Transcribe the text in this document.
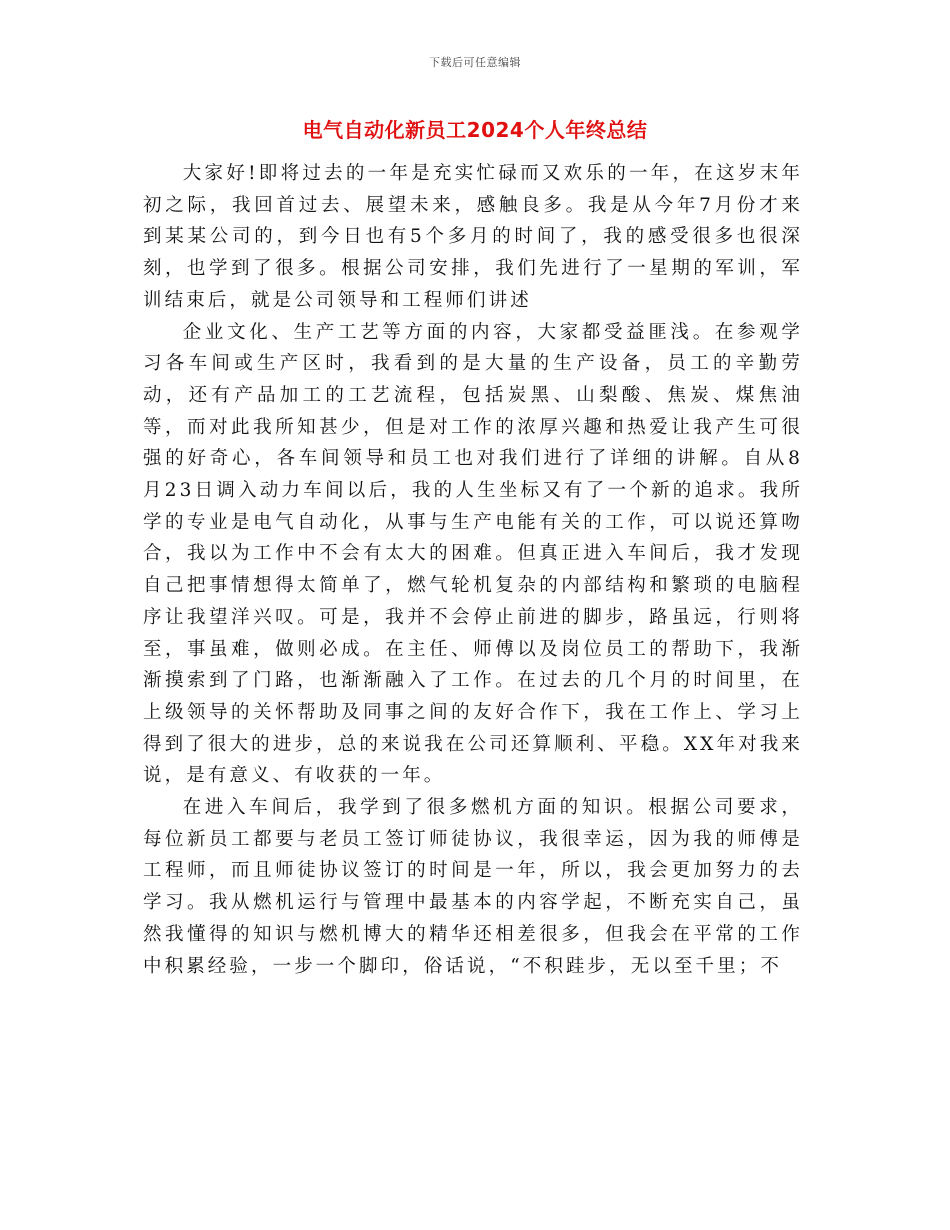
下载后可任意编辑
电气自动化新员工2024个人年终总结

大家好!即将过去的一年是充实忙碌而又欢乐的一年，在这岁末年初之际，我回首过去、展望未来，感触良多。我是从今年7月份才来到某某公司的，到今日也有5个多月的时间了，我的感受很多也很深刻，也学到了很多。根据公司安排，我们先进行了一星期的军训，军训结束后，就是公司领导和工程师们讲述

企业文化、生产工艺等方面的内容，大家都受益匪浅。在参观学习各车间或生产区时，我看到的是大量的生产设备，员工的辛勤劳动，还有产品加工的工艺流程，包括炭黑、山梨酸、焦炭、煤焦油等，而对此我所知甚少，但是对工作的浓厚兴趣和热爱让我产生可很强的好奇心，各车间领导和员工也对我们进行了详细的讲解。自从8月23日调入动力车间以后，我的人生坐标又有了一个新的追求。我所学的专业是电气自动化，从事与生产电能有关的工作，可以说还算吻合，我以为工作中不会有太大的困难。但真正进入车间后，我才发现自己把事情想得太简单了，燃气轮机复杂的内部结构和繁琐的电脑程序让我望洋兴叹。可是，我并不会停止前进的脚步，路虽远，行则将至，事虽难，做则必成。在主任、师傅以及岗位员工的帮助下，我渐渐摸索到了门路，也渐渐融入了工作。在过去的几个月的时间里，在上级领导的关怀帮助及同事之间的友好合作下，我在工作上、学习上得到了很大的进步，总的来说我在公司还算顺利、平稳。XX年对我来说，是有意义、有收获的一年。

在进入车间后，我学到了很多燃机方面的知识。根据公司要求，每位新员工都要与老员工签订师徒协议，我很幸运，因为我的师傅是工程师，而且师徒协议签订的时间是一年，所以，我会更加努力的去学习。我从燃机运行与管理中最基本的内容学起，不断充实自己，虽然我懂得的知识与燃机博大的精华还相差很多，但我会在平常的工作中积累经验，一步一个脚印，俗话说，“不积跬步，无以至千里；不
